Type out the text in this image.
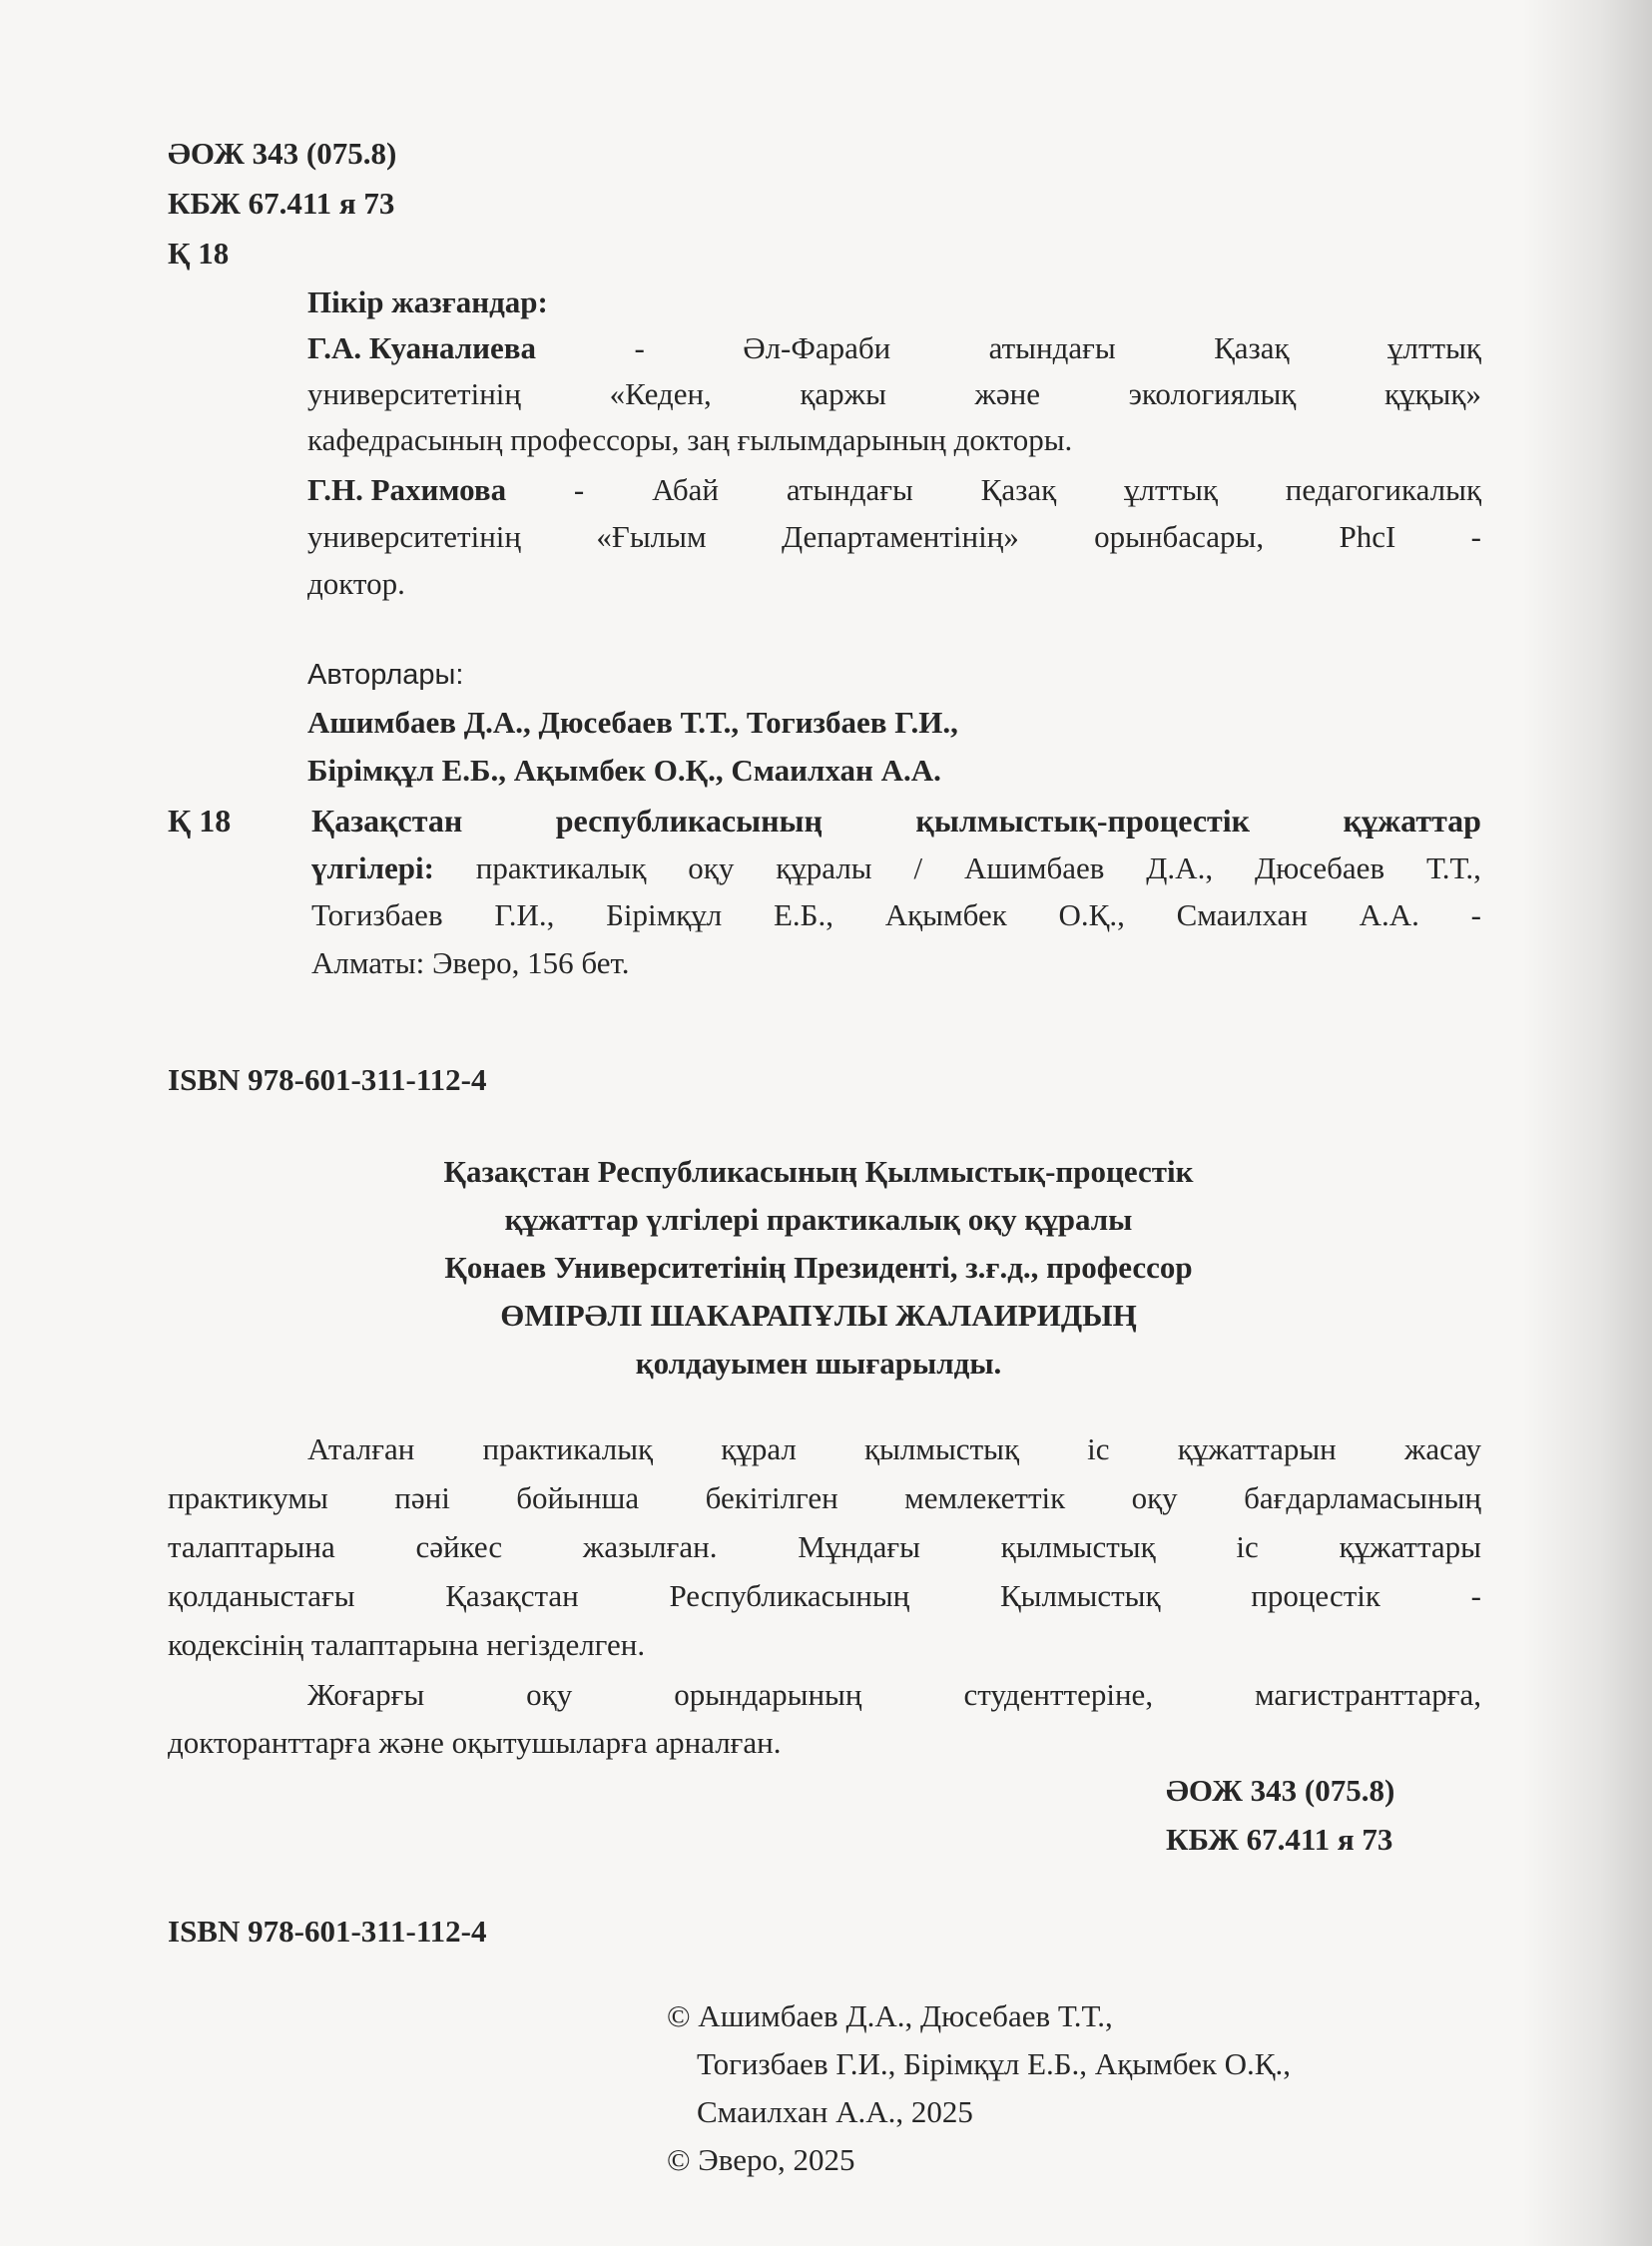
ӘОЖ 343 (075.8)
КБЖ 67.411 я 73
Қ 18
Пікір жазғандар:
Г.А. Куаналиева	-	Әл-Фараби	атындағы	Қазақ	ұлттық
университетінің	«Кеден,	қаржы	және	экологиялық	құқық»
кафедрасының профессоры, заң ғылымдарының докторы.
Г.Н. Рахимова - Абай атындағы Қазақ ұлттық педагогикалық
университетінің «Ғылым Департаментінің» орынбасары, PhcI -
доктор.
Авторлары:
Ашимбаев Д.А., Дюсебаев Т.Т., Тогизбаев Г.И.,
Бірімқұл Е.Б., Ақымбек О.Қ., Смаилхан А.А.
Қ 18	Қазақстан	республикасының	қылмыстық-процестік	құжаттар
үлгілері: практикалық оқу құралы / Ашимбаев Д.А., Дюсебаев Т.Т.,
Тогизбаев Г.И., Бірімқұл Е.Б., Ақымбек О.Қ., Смаилхан А.А. -
Алматы: Эверо, 156 бет.
ISBN 978-601-311-112-4
Қазақстан Республикасының Қылмыстық-процестік
құжаттар үлгілері практикалық оқу құралы
Қонаев Университетінің Президенті, з.ғ.д., профессор
ӨМІРӘЛІ ШАКАРАПҰЛЫ ЖАЛАИРИДЫҢ
қолдауымен шығарылды.
Аталған практикалық құрал қылмыстық іс құжаттарын жасау
практикумы пәні бойынша бекітілген мемлекеттік оқу бағдарламасының
талаптарына	сәйкес	жазылған.	Мұндағы	қылмыстық	іс	құжаттары
қолданыстағы	Қазақстан	Республикасының	Қылмыстық	процестік	-
кодексінің талаптарына негізделген.
Жоғарғы	оқу	орындарының	студенттеріне,	магистранттарға,
докторанттарға және оқытушыларға арналған.
ӘОЖ 343 (075.8)
КБЖ 67.411 я 73
ISBN 978-601-311-112-4
© Ашимбаев Д.А., Дюсебаев Т.Т.,
Тогизбаев Г.И., Бірімқұл Е.Б., Ақымбек О.Қ.,
Смаилхан А.А., 2025
© Эверо, 2025
